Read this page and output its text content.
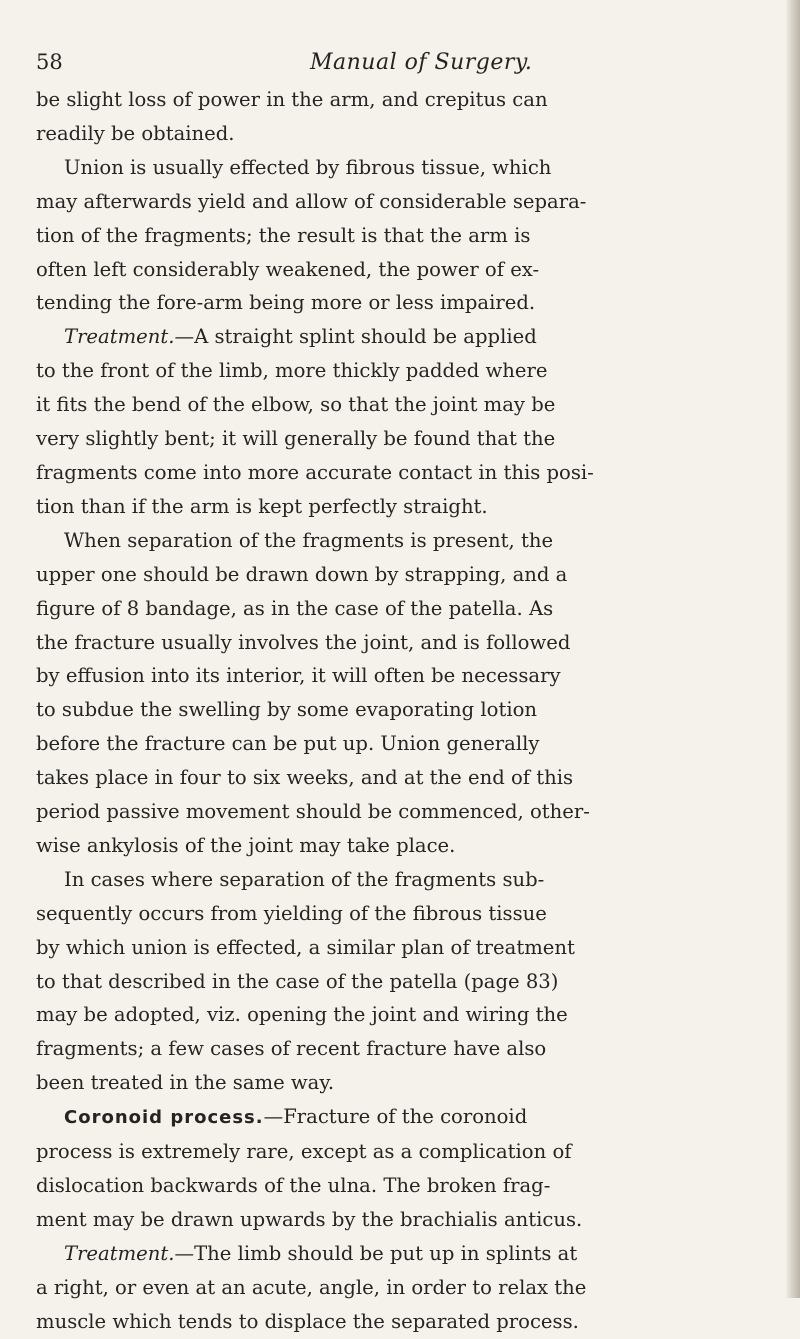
58	Manual of Surgery.

be slight loss of power in the arm, and crepitus can
readily be obtained.

Union is usually effected by fibrous tissue, which
may afterwards yield and allow of considerable separa-
tion of the fragments; the result is that the arm is
often left considerably weakened, the power of ex-
tending the fore-arm being more or less impaired.

Treatment.—A straight splint should be applied
to the front of the limb, more thickly padded where
it fits the bend of the elbow, so that the joint may be
very slightly bent; it will generally be found that the
fragments come into more accurate contact in this posi-
tion than if the arm is kept perfectly straight.

When separation of the fragments is present, the
upper one should be drawn down by strapping, and a
figure of 8 bandage, as in the case of the patella. As
the fracture usually involves the joint, and is followed
by effusion into its interior, it will often be necessary
to subdue the swelling by some evaporating lotion
before the fracture can be put up. Union generally
takes place in four to six weeks, and at the end of this
period passive movement should be commenced, other-
wise ankylosis of the joint may take place.

In cases where separation of the fragments sub-
sequently occurs from yielding of the fibrous tissue
by which union is effected, a similar plan of treatment
to that described in the case of the patella (page 83)
may be adopted, viz. opening the joint and wiring the
fragments; a few cases of recent fracture have also
been treated in the same way.

Coronoid process.—Fracture of the coronoid
process is extremely rare, except as a complication of
dislocation backwards of the ulna. The broken frag-
ment may be drawn upwards by the brachialis anticus.

Treatment.—The limb should be put up in splints at
a right, or even at an acute, angle, in order to relax the
muscle which tends to displace the separated process.
